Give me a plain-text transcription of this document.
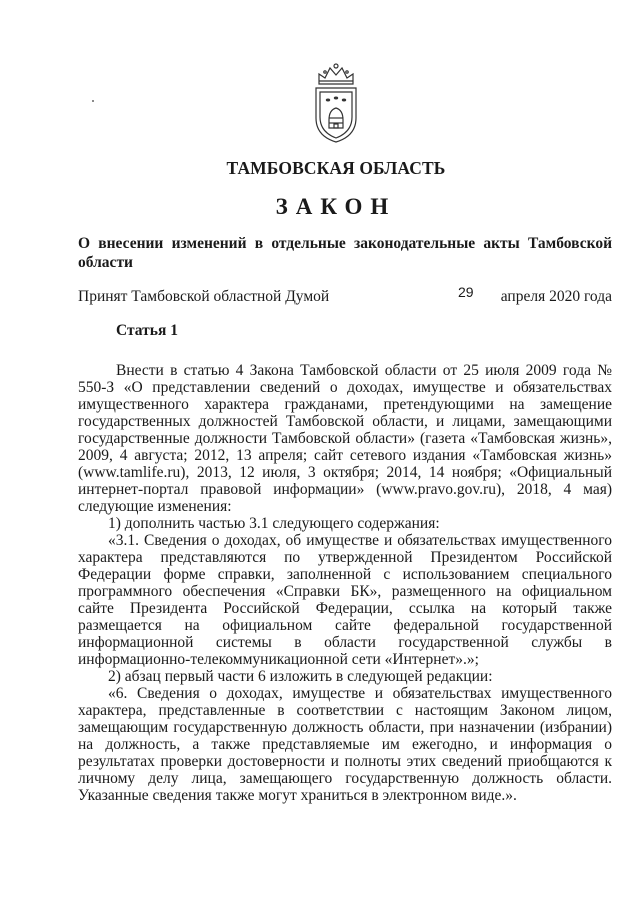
ТАМБОВСКАЯ ОБЛАСТЬ
ЗАКОН
О внесении изменений в отдельные законодательные акты Тамбовской
области
Принят Тамбовской областной Думой	29 апреля 2020 года
Статья 1

Внести в статью 4 Закона Тамбовской области от 25 июля 2009 года № 550-З «О представлении сведений о доходах, имуществе и обязательствах имущественного характера гражданами, претендующими на замещение государственных должностей Тамбовской области, и лицами, замещающими государственные должности Тамбовской области» (газета «Тамбовская жизнь», 2009, 4 августа; 2012, 13 апреля; сайт сетевого издания «Тамбовская жизнь» (www.tamlife.ru), 2013, 12 июля, 3 октября; 2014, 14 ноября; «Официальный интернет-портал правовой информации» (www.pravo.gov.ru), 2018, 4 мая) следующие изменения:

1) дополнить частью 3.1 следующего содержания:

«3.1. Сведения о доходах, об имуществе и обязательствах имущественного характера представляются по утвержденной Президентом Российской Федерации форме справки, заполненной с использованием специального программного обеспечения «Справки БК», размещенного на официальном сайте Президента Российской Федерации, ссылка на который также размещается на официальном сайте федеральной государственной информационной системы в области государственной службы в информационно-телекоммуникационной сети «Интернет».»;

2) абзац первый части 6 изложить в следующей редакции:

«6. Сведения о доходах, имуществе и обязательствах имущественного характера, представленные в соответствии с настоящим Законом лицом, замещающим государственную должность области, при назначении (избрании) на должность, а также представляемые им ежегодно, и информация о результатах проверки достоверности и полноты этих сведений приобщаются к личному делу лица, замещающего государственную должность области. Указанные сведения также могут храниться в электронном виде.».
